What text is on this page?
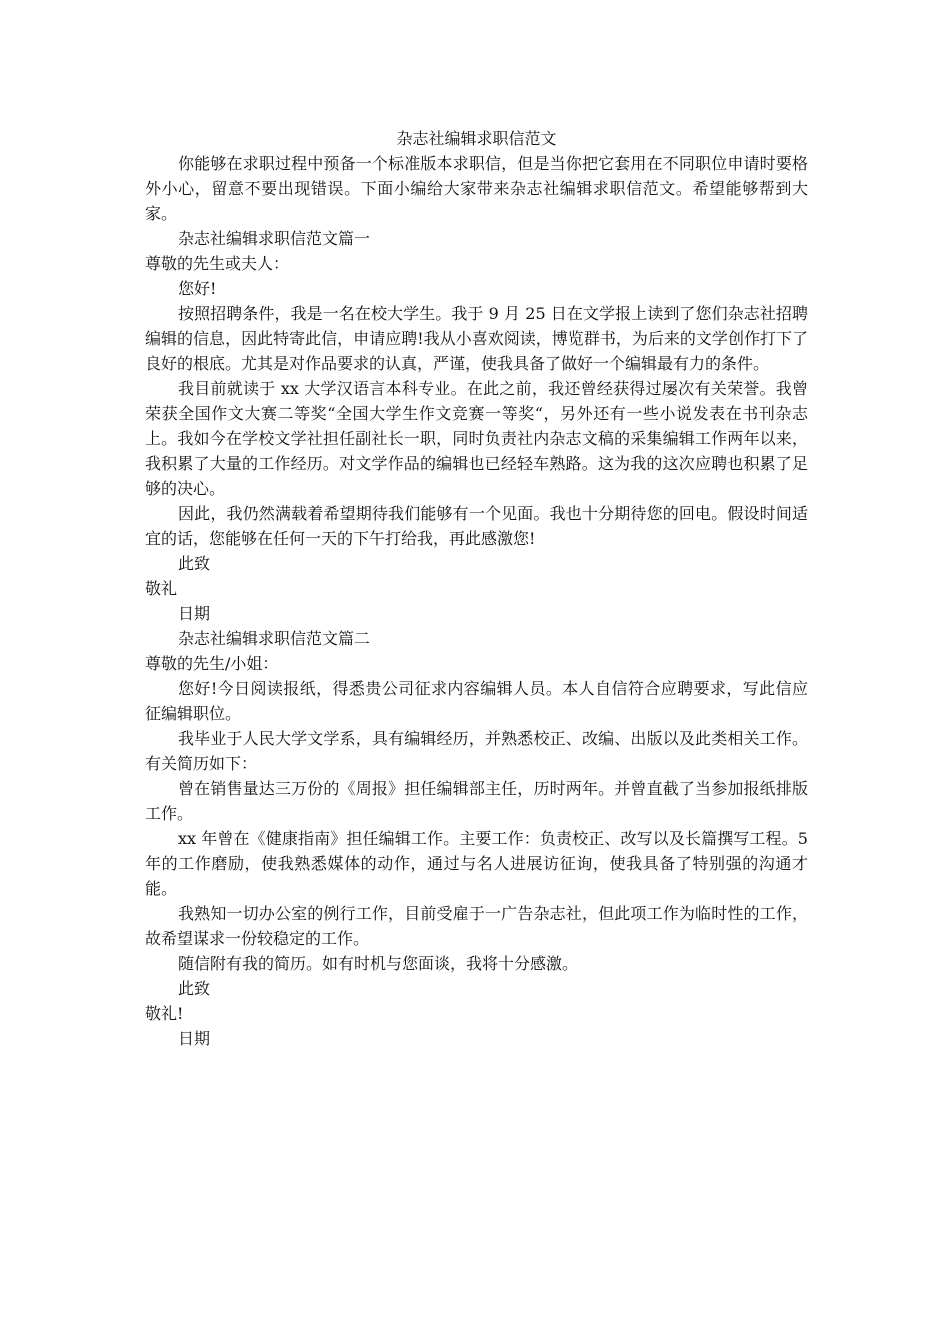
杂志社编辑求职信范文

你能够在求职过程中预备一个标准版本求职信，但是当你把它套用在不同职位申请时要格外小心，留意不要出现错误。下面小编给大家带来杂志社编辑求职信范文。希望能够帮到大家。

杂志社编辑求职信范文篇一

尊敬的先生或夫人：

您好!

按照招聘条件，我是一名在校大学生。我于 9 月 25 日在文学报上读到了您们杂志社招聘编辑的信息，因此特寄此信，申请应聘!我从小喜欢阅读，博览群书，为后来的文学创作打下了良好的根底。尤其是对作品要求的认真，严谨，使我具备了做好一个编辑最有力的条件。

我目前就读于 xx 大学汉语言本科专业。在此之前，我还曾经获得过屡次有关荣誉。我曾荣获全国作文大赛二等奖“全国大学生作文竞赛一等奖“，另外还有一些小说发表在书刊杂志上。我如今在学校文学社担任副社长一职，同时负责社内杂志文稿的采集编辑工作两年以来，我积累了大量的工作经历。对文学作品的编辑也已经轻车熟路。这为我的这次应聘也积累了足够的决心。

因此，我仍然满载着希望期待我们能够有一个见面。我也十分期待您的回电。假设时间适宜的话，您能够在任何一天的下午打给我，再此感激您!

此致

敬礼

日期

杂志社编辑求职信范文篇二

尊敬的先生/小姐：

您好!今日阅读报纸，得悉贵公司征求内容编辑人员。本人自信符合应聘要求，写此信应征编辑职位。

我毕业于人民大学文学系，具有编辑经历，并熟悉校正、改编、出版以及此类相关工作。有关简历如下：

曾在销售量达三万份的《周报》担任编辑部主任，历时两年。并曾直截了当参加报纸排版工作。

xx 年曾在《健康指南》担任编辑工作。主要工作：负责校正、改写以及长篇撰写工程。5 年的工作磨励，使我熟悉媒体的动作，通过与名人进展访征询，使我具备了特别强的沟通才能。

我熟知一切办公室的例行工作，目前受雇于一广告杂志社，但此项工作为临时性的工作，故希望谋求一份较稳定的工作。

随信附有我的简历。如有时机与您面谈，我将十分感激。

此致

敬礼!

日期
